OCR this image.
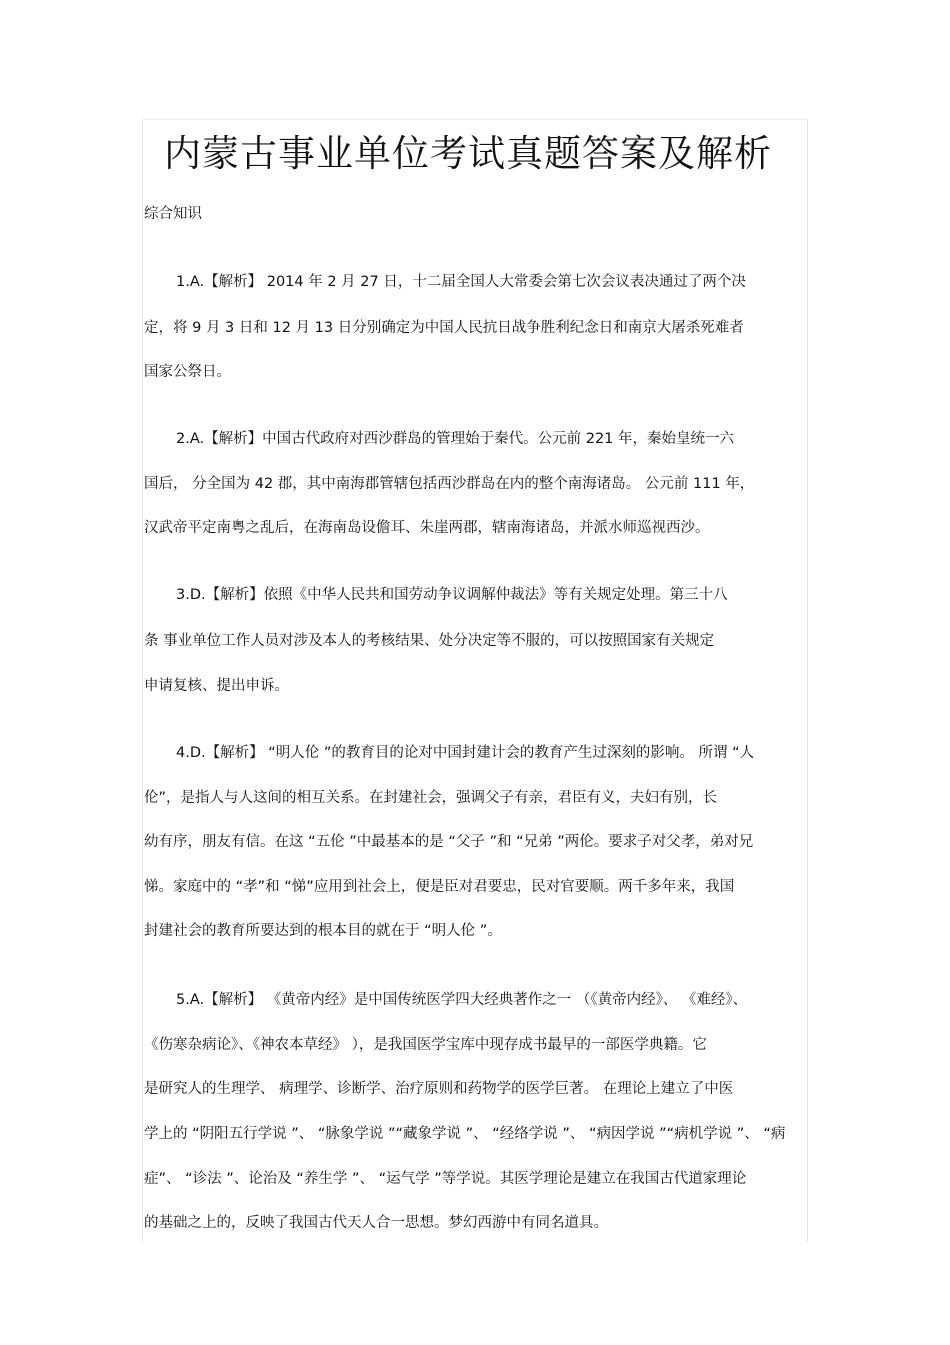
内蒙古事业单位考试真题答案及解析
综合知识
1.A.【解析】 2014 年 2 月 27 日，十二届全国人大常委会第七次会议表决通过了两个决
定，将 9 月 3 日和 12 月 13 日分别确定为中国人民抗日战争胜利纪念日和南京大屠杀死难者
国家公祭日。
2.A.【解析】中国古代政府对西沙群岛的管理始于秦代。公元前 221 年，秦始皇统一六
国后， 分全国为 42 郡，其中南海郡管辖包括西沙群岛在内的整个南海诸岛。 公元前 111 年，
汉武帝平定南粤之乱后，在海南岛设儋耳、朱崖两郡，辖南海诸岛，并派水师巡视西沙。
3.D.【解析】依照《中华人民共和国劳动争议调解仲裁法》等有关规定处理。第三十八
条 事业单位工作人员对涉及本人的考核结果、处分决定等不服的，可以按照国家有关规定
申请复核、提出申诉。
4.D.【解析】 “明人伦 ”的教育目的论对中国封建计会的教育产生过深刻的影响。 所谓 “人
伦”，是指人与人这间的相互关系。在封建社会，强调父子有亲，君臣有义，夫妇有别，长
幼有序，朋友有信。在这 “五伦 ”中最基本的是 “父子 ”和 “兄弟 ”两伦。要求子对父孝，弟对兄
悌。家庭中的 “孝”和 “悌”应用到社会上，便是臣对君要忠，民对官要顺。两千多年来，我国
封建社会的教育所要达到的根本目的就在于 “明人伦 ”。
5.A.【解析】 《黄帝内经》是中国传统医学四大经典著作之一 （《黄帝内经》、 《难经》、
《伤寒杂病论》、《神农本草经》 ），是我国医学宝库中现存成书最早的一部医学典籍。它
是研究人的生理学、 病理学、诊断学、治疗原则和药物学的医学巨著。 在理论上建立了中医
学上的 “阴阳五行学说 ”、 “脉象学说 ”“藏象学说 ”、 “经络学说 ”、 “病因学说 ”“病机学说 ”、 “病
症”、 “诊法 ”、论治及 “养生学 ”、 “运气学 ”等学说。其医学理论是建立在我国古代道家理论
的基础之上的，反映了我国古代天人合一思想。梦幻西游中有同名道具。
